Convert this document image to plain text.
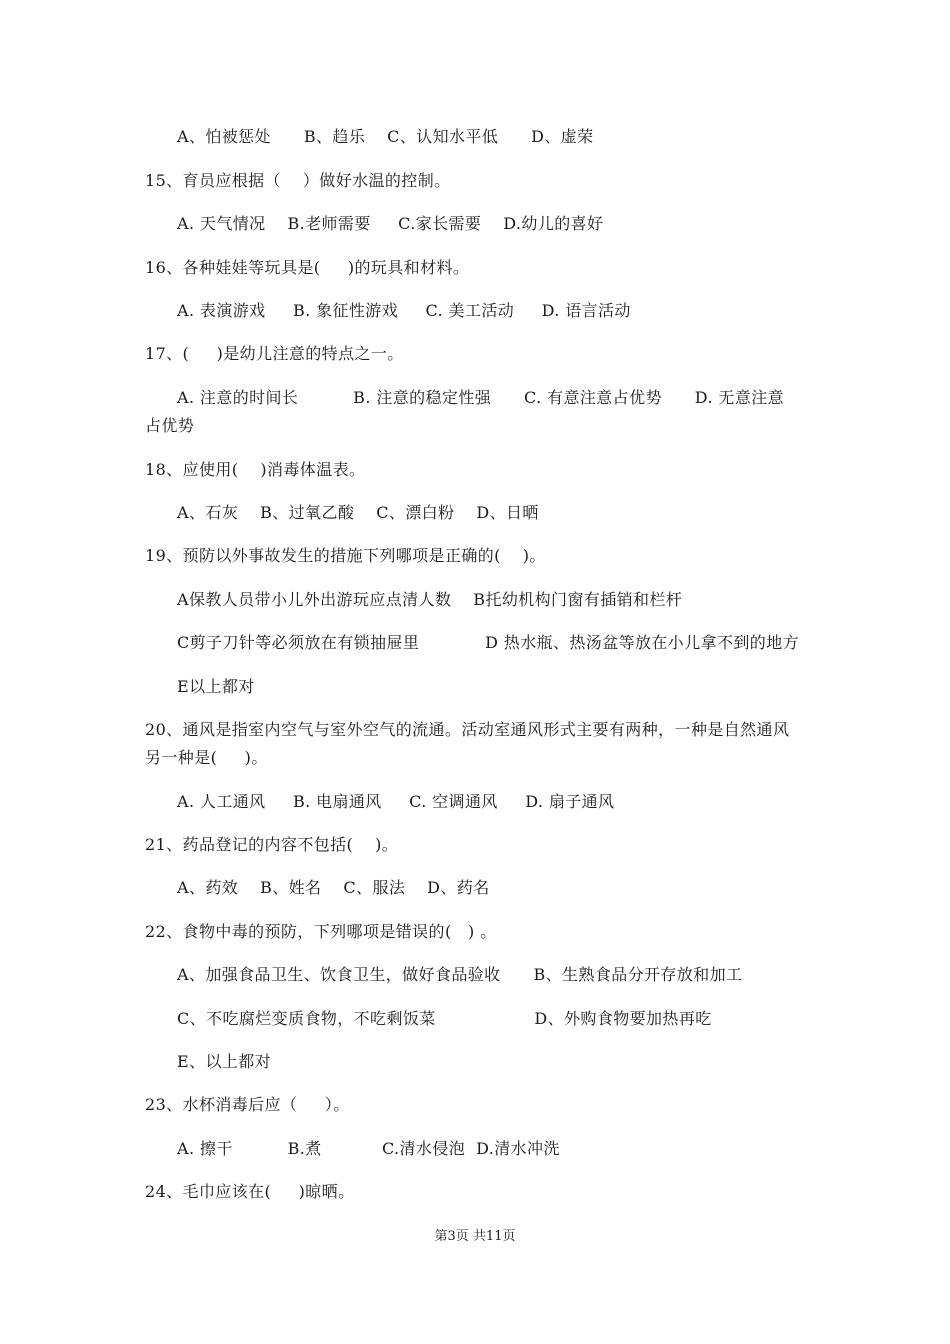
A、怕被惩处      B、趋乐    C、认知水平低      D、虚荣
15、育员应根据（    ）做好水温的控制。
A. 天气情况    B.老师需要     C.家长需要    D.幼儿的喜好
16、各种娃娃等玩具是(     )的玩具和材料。
A. 表演游戏     B. 象征性游戏     C. 美工活动     D. 语言活动
17、(     )是幼儿注意的特点之一。
A. 注意的时间长          B. 注意的稳定性强      C. 有意注意占优势      D. 无意注意
占优势
18、应使用(    )消毒体温表。
A、石灰    B、过氧乙酸    C、漂白粉    D、日晒
19、预防以外事故发生的措施下列哪项是正确的(    )。
A保教人员带小儿外出游玩应点清人数    B托幼机构门窗有插销和栏杆
C剪子刀针等必须放在有锁抽屉里            D 热水瓶、热汤盆等放在小儿拿不到的地方
E以上都对
20、通风是指室内空气与室外空气的流通。活动室通风形式主要有两种，一种是自然通风
另一种是(     )。
A. 人工通风     B. 电扇通风     C. 空调通风     D. 扇子通风
21、药品登记的内容不包括(    )。
A、药效    B、姓名    C、服法    D、药名
22、食物中毒的预防，下列哪项是错误的(   ) 。
A、加强食品卫生、饮食卫生，做好食品验收      B、生熟食品分开存放和加工
C、不吃腐烂变质食物，不吃剩饭菜                  D、外购食物要加热再吃
E、以上都对
23、水杯消毒后应（     ）。
A. 擦干          B.煮           C.清水侵泡  D.清水冲洗
24、毛巾应该在(     )晾晒。
第3页 共11页
